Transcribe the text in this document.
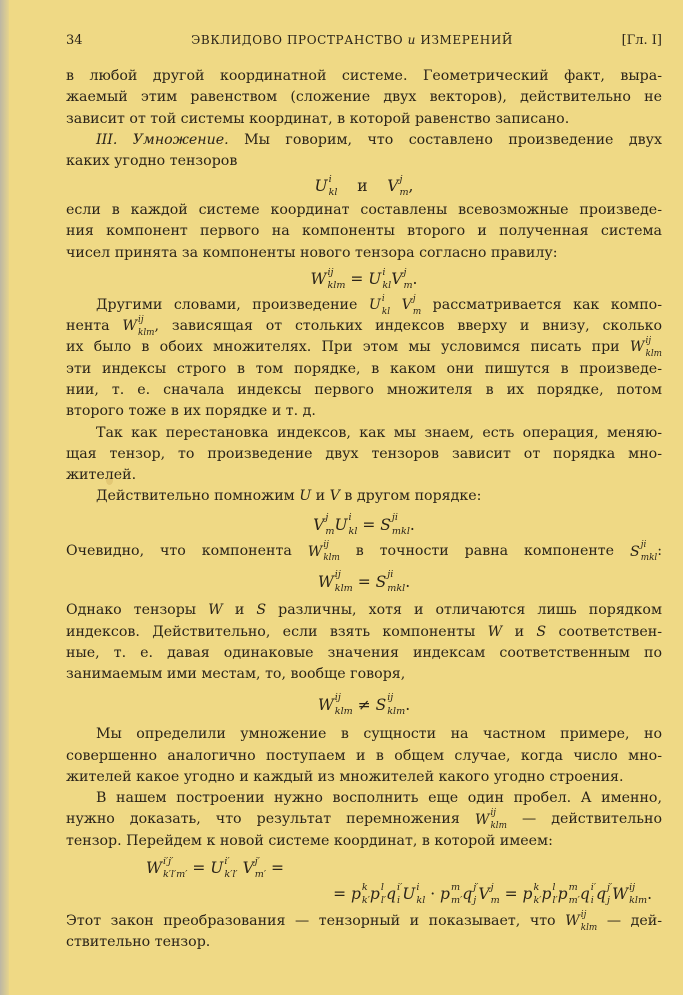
34	ЭВКЛИДОВО ПРОСТРАНСТВО и ИЗМЕРЕНИЙ	[Гл. I]
в любой другой координатной системе. Геометрический факт, выра-
жаемый этим равенством (сложение двух векторов), действительно не
зависит от той системы координат, в которой равенство записано.
III. Умножение. Мы говорим, что составлено произведение двух
каких угодно тензоров
U i
kl и V j
m ,
если в каждой системе координат составлены всевозможные произведе-
ния компонент первого на компоненты второго и полученная система
чисел принята за компоненты нового тензора согласно правилу:
W ij
klm = U i
kl V j
m .
Другими словами, произведение U i
kl
V j
m рассматривается как компо-
нента W ij
klm , зависящая от стольких индексов вверху и внизу, сколько
их было в обоих множителях. При этом мы условимся писать при W ij
klm
эти индексы строго в том порядке, в каком они пишутся в произведе-
нии, т. е. сначала индексы первого множителя в их порядке, потом
второго тоже в их порядке и т. д.
Так как перестановка индексов, как мы знаем, есть операция, меняю-
щая тензор, то произведение двух тензоров зависит от порядка мно-
жителей.
Действительно помножим U и V в другом порядке:
V j
m U i
kl = S ji
mkl .
Очевидно, что компонента W ij
klm в точности равна компоненте S ji
mkl :
W ij
klm = S ji
mkl .
Однако тензоры W и S различны, хотя и отличаются лишь порядком
индексов. Действительно, если взять компоненты W и S соответствен-
ные, т. е. давая одинаковые значения индексам соответственным по
занимаемым ими местам, то, вообще говоря,
W ij
klm ≠ S ij
klm .
Мы определили умножение в сущности на частном примере, но
совершенно аналогично поступаем и в общем случае, когда число мно-
жителей какое угодно и каждый из множителей какого угодно строения.
В нашем построении нужно восполнить еще один пробел. А именно,
нужно доказать, что результат перемножения W ij
klm — действительно
тензор. Перейдем к новой системе координат, в которой имеем:
W i′j′
k′l′m′ = U i′
k′l′
V j′
m′ =
= p k
k′ p l
l′ q i′
i U i
kl · p m
m′ q j′
j V j
m = p k
k′ p l
l′ p m
m′ q i′
i q j′
j W ij
klm .
Этот закон преобразования — тензорный и показывает, что W ij
klm — дей-
ствительно тензор.
